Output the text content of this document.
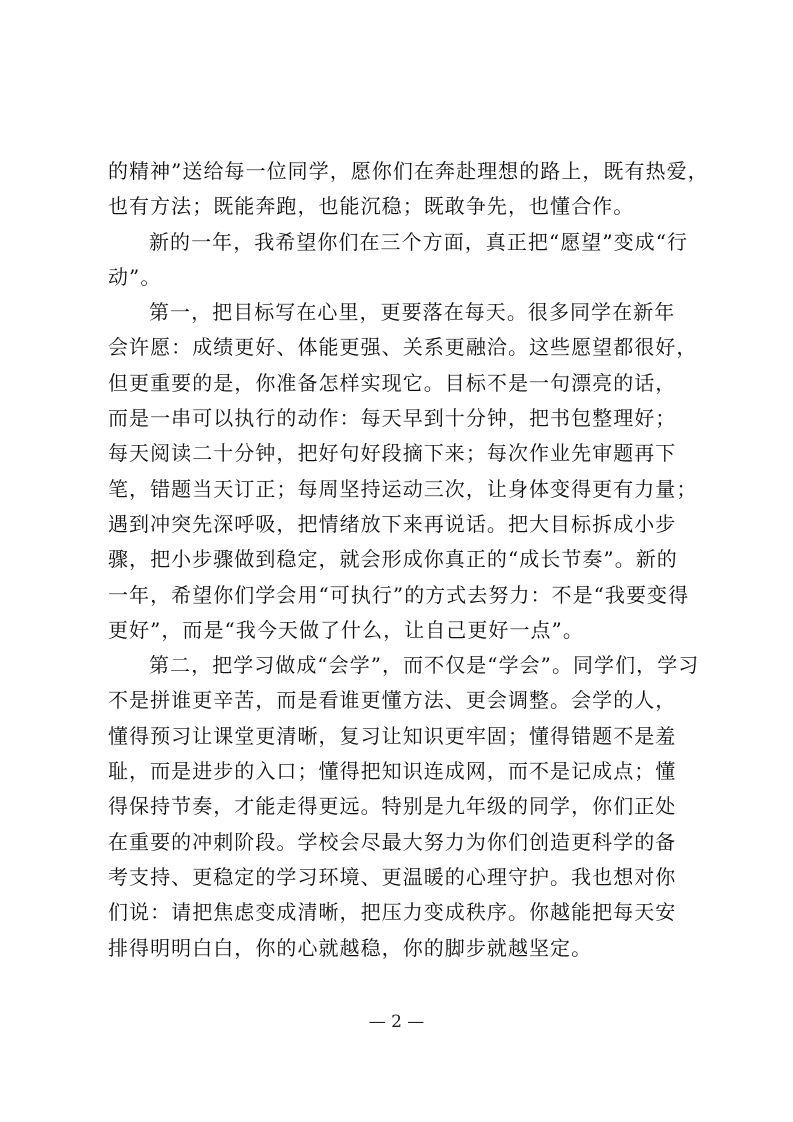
的精神”送给每一位同学，愿你们在奔赴理想的路上，既有热爱，
也有方法；既能奔跑，也能沉稳；既敢争先，也懂合作。
新的一年，我希望你们在三个方面，真正把“愿望”变成“行
动”。
第一，把目标写在心里，更要落在每天。很多同学在新年
会许愿：成绩更好、体能更强、关系更融洽。这些愿望都很好，
但更重要的是，你准备怎样实现它。目标不是一句漂亮的话，
而是一串可以执行的动作：每天早到十分钟，把书包整理好；
每天阅读二十分钟，把好句好段摘下来；每次作业先审题再下
笔，错题当天订正；每周坚持运动三次，让身体变得更有力量；
遇到冲突先深呼吸，把情绪放下来再说话。把大目标拆成小步
骤，把小步骤做到稳定，就会形成你真正的“成长节奏”。新的
一年，希望你们学会用“可执行”的方式去努力：不是“我要变得
更好”，而是“我今天做了什么，让自己更好一点”。
第二，把学习做成“会学”，而不仅是“学会”。同学们，学习
不是拼谁更辛苦，而是看谁更懂方法、更会调整。会学的人，
懂得预习让课堂更清晰，复习让知识更牢固；懂得错题不是羞
耻，而是进步的入口；懂得把知识连成网，而不是记成点；懂
得保持节奏，才能走得更远。特别是九年级的同学，你们正处
在重要的冲刺阶段。学校会尽最大努力为你们创造更科学的备
考支持、更稳定的学习环境、更温暖的心理守护。我也想对你
们说：请把焦虑变成清晰，把压力变成秩序。你越能把每天安
排得明明白白，你的心就越稳，你的脚步就越坚定。
— 2 —
